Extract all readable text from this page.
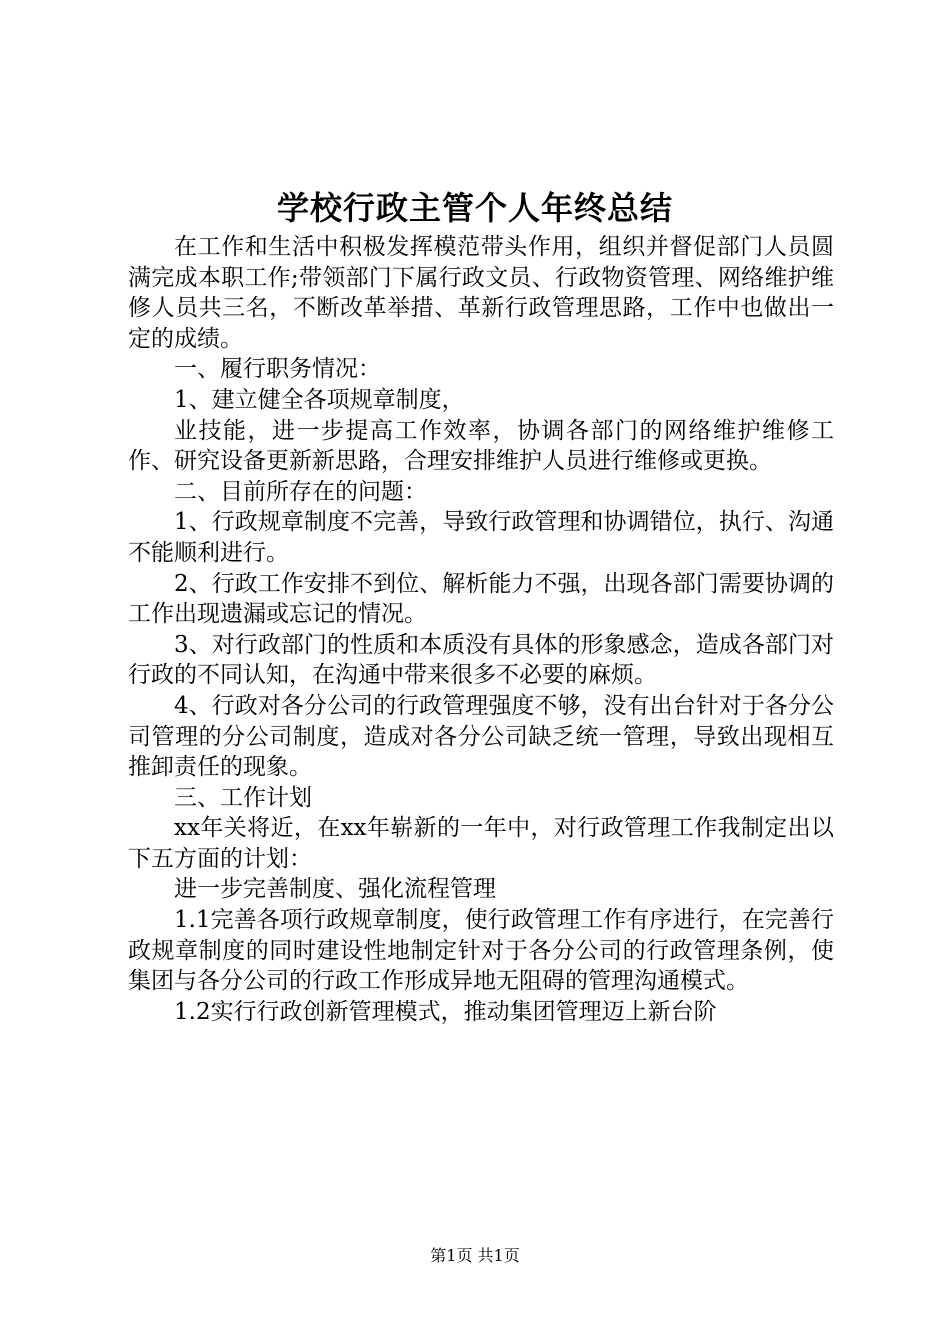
学校行政主管个人年终总结

在工作和生活中积极发挥模范带头作用，组织并督促部门人员圆满完成本职工作;带领部门下属行政文员、行政物资管理、网络维护维修人员共三名，不断改革举措、革新行政管理思路，工作中也做出一定的成绩。

一、履行职务情况：

1、建立健全各项规章制度，

业技能，进一步提高工作效率，协调各部门的网络维护维修工作、研究设备更新新思路，合理安排维护人员进行维修或更换。

二、目前所存在的问题：

1、行政规章制度不完善，导致行政管理和协调错位，执行、沟通不能顺利进行。

2、行政工作安排不到位、解析能力不强，出现各部门需要协调的工作出现遗漏或忘记的情况。

3、对行政部门的性质和本质没有具体的形象感念，造成各部门对行政的不同认知，在沟通中带来很多不必要的麻烦。

4、行政对各分公司的行政管理强度不够，没有出台针对于各分公司管理的分公司制度，造成对各分公司缺乏统一管理，导致出现相互推卸责任的现象。

三、工作计划

xx年关将近，在xx年崭新的一年中，对行政管理工作我制定出以下五方面的计划：

进一步完善制度、强化流程管理

1.1完善各项行政规章制度，使行政管理工作有序进行，在完善行政规章制度的同时建设性地制定针对于各分公司的行政管理条例，使集团与各分公司的行政工作形成异地无阻碍的管理沟通模式。

1.2实行行政创新管理模式，推动集团管理迈上新台阶

第1页 共1页
